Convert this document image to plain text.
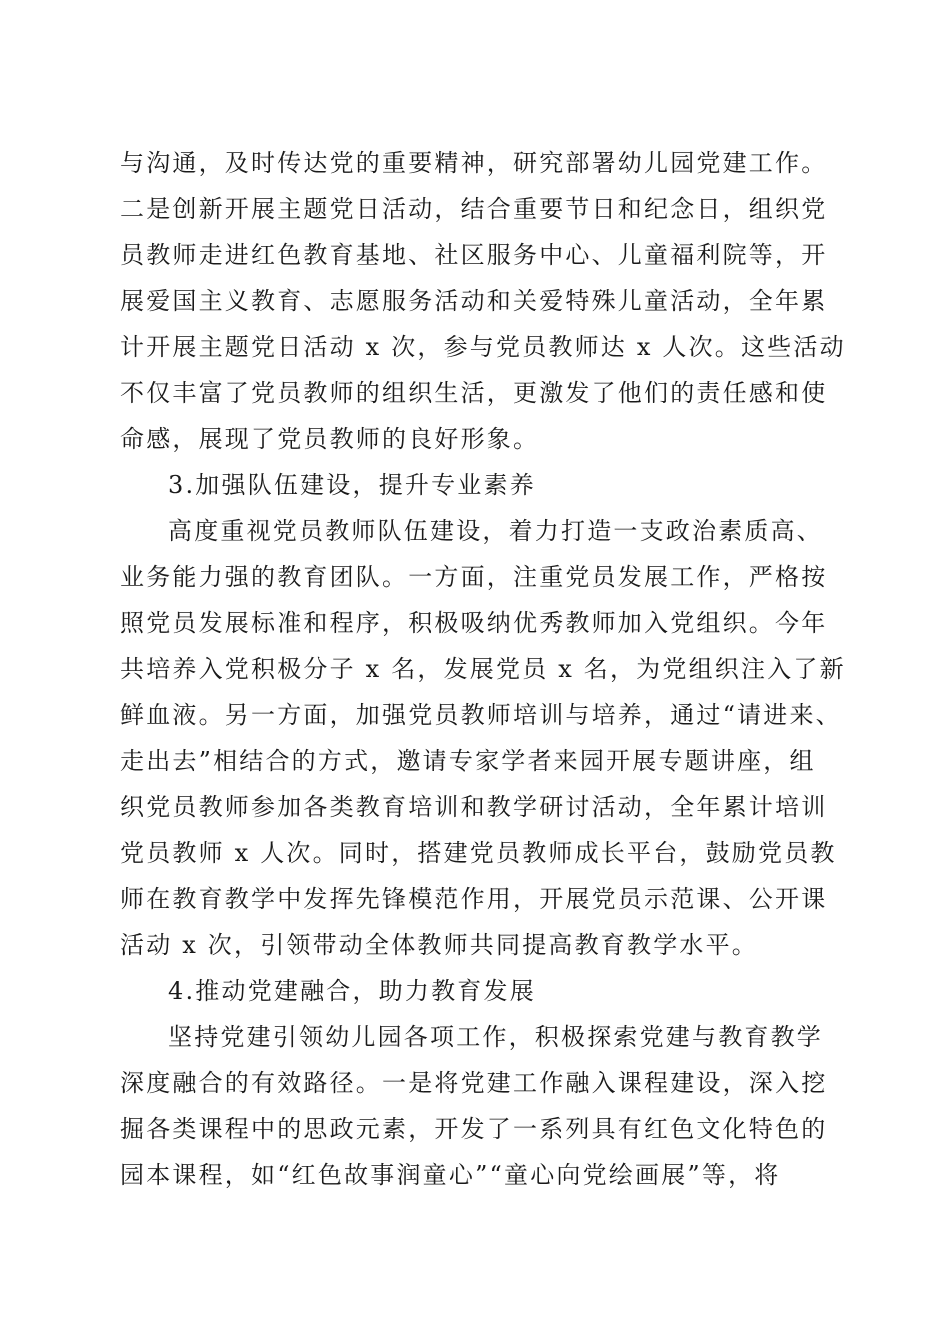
与沟通，及时传达党的重要精神，研究部署幼儿园党建工作。
二是创新开展主题党日活动，结合重要节日和纪念日，组织党
员教师走进红色教育基地、社区服务中心、儿童福利院等，开
展爱国主义教育、志愿服务活动和关爱特殊儿童活动，全年累
计开展主题党日活动 x 次，参与党员教师达 x 人次。这些活动
不仅丰富了党员教师的组织生活，更激发了他们的责任感和使
命感，展现了党员教师的良好形象。
3.加强队伍建设，提升专业素养
高度重视党员教师队伍建设，着力打造一支政治素质高、
业务能力强的教育团队。一方面，注重党员发展工作，严格按
照党员发展标准和程序，积极吸纳优秀教师加入党组织。今年
共培养入党积极分子 x 名，发展党员 x 名，为党组织注入了新
鲜血液。另一方面，加强党员教师培训与培养，通过“请进来、
走出去”相结合的方式，邀请专家学者来园开展专题讲座，组
织党员教师参加各类教育培训和教学研讨活动，全年累计培训
党员教师 x 人次。同时，搭建党员教师成长平台，鼓励党员教
师在教育教学中发挥先锋模范作用，开展党员示范课、公开课
活动 x 次，引领带动全体教师共同提高教育教学水平。
4.推动党建融合，助力教育发展
坚持党建引领幼儿园各项工作，积极探索党建与教育教学
深度融合的有效路径。一是将党建工作融入课程建设，深入挖
掘各类课程中的思政元素，开发了一系列具有红色文化特色的
园本课程，如“红色故事润童心”“童心向党绘画展”等，将
